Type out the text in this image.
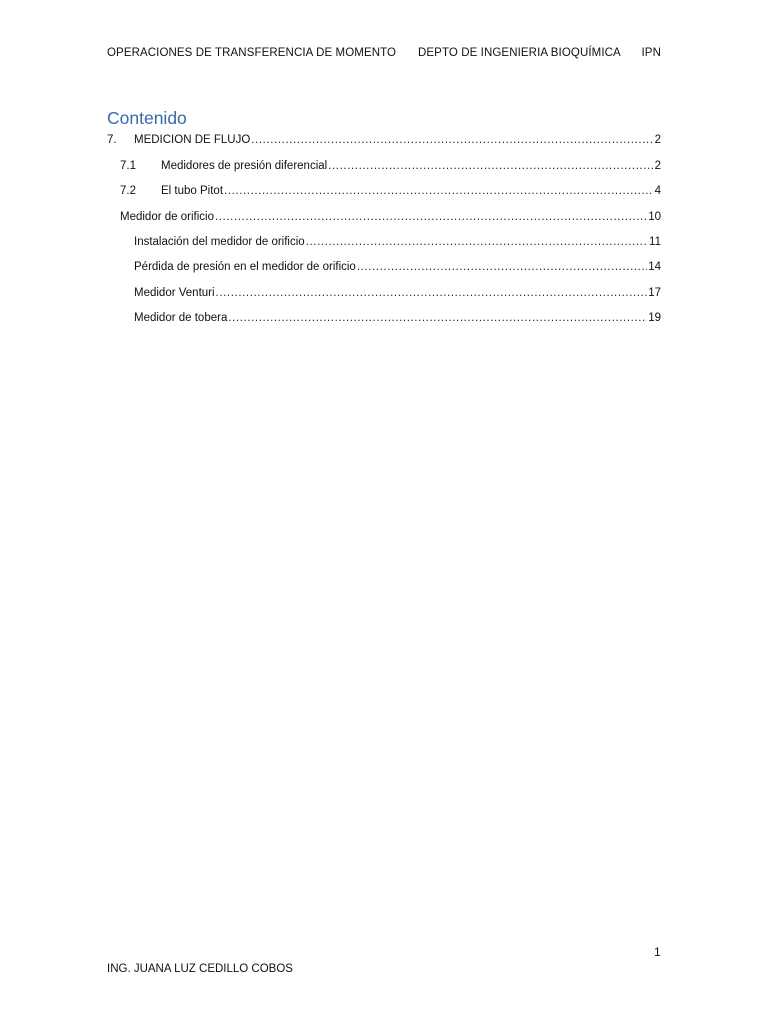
OPERACIONES DE TRANSFERENCIA DE MOMENTO DEPTO DE INGENIERIA BIOQUÍMICA IPN
Contenido
7.	MEDICION DE FLUJO .....	2
7.1	Medidores de presión diferencial .....	2
7.2	El tubo Pitot .....	4
Medidor de orificio .....	10
Instalación del medidor de orificio .....	11
Pérdida de presión en el medidor de orificio .....	14
Medidor Venturi .....	17
Medidor de tobera .....	19
1
ING. JUANA LUZ CEDILLO COBOS
